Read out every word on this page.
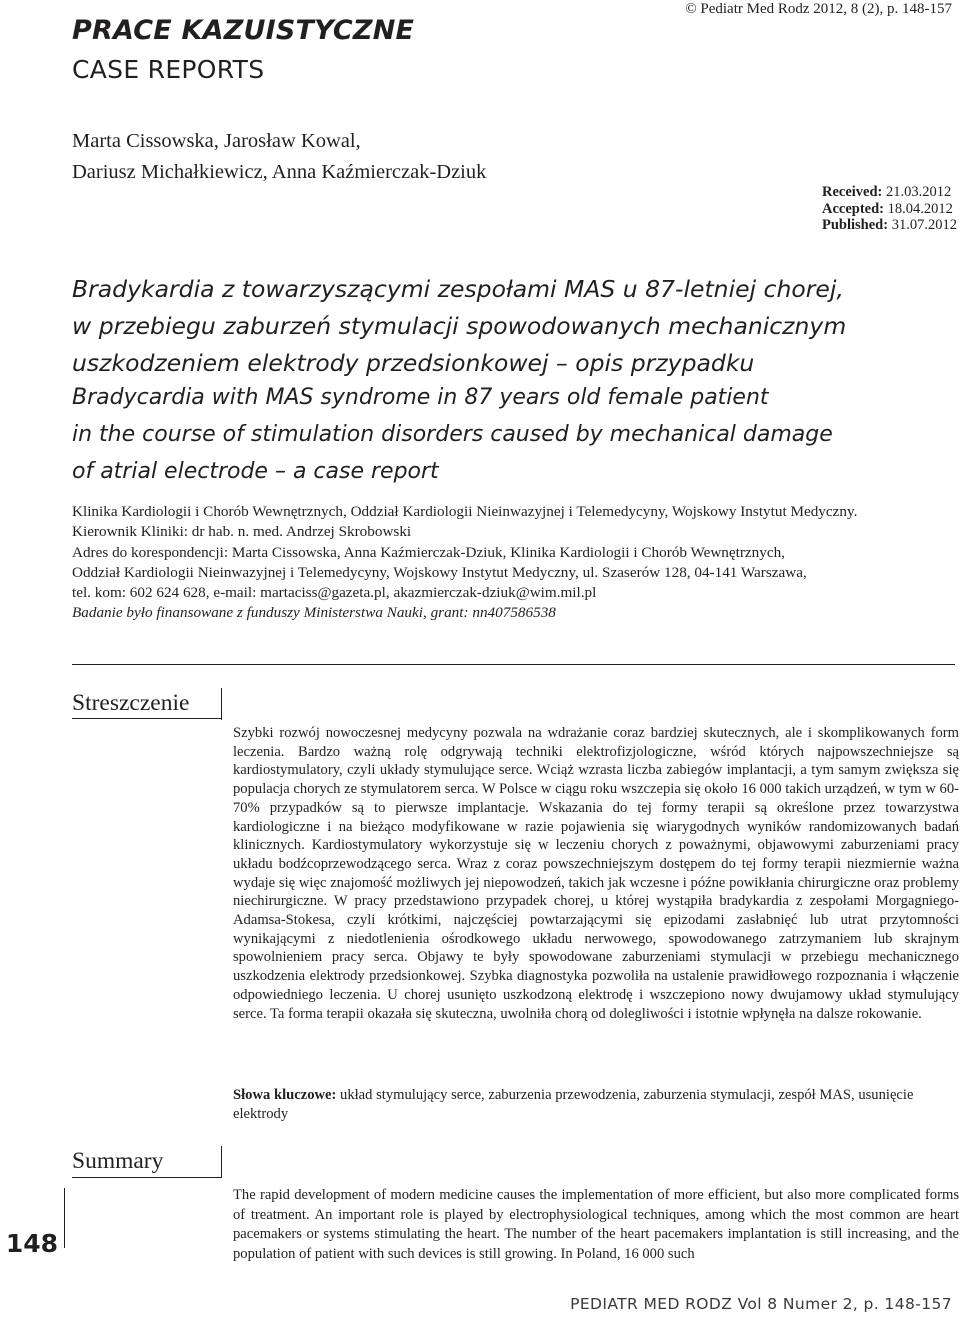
PRACE KAZUISTYCZNE
CASE REPORTS
© Pediatr Med Rodz 2012, 8 (2), p. 148-157
Marta Cissowska, Jarosław Kowal,
Dariusz Michałkiewicz, Anna Kaźmierczak-Dziuk
Received: 21.03.2012
Accepted: 18.04.2012
Published: 31.07.2012
Bradykardia z towarzyszącymi zespołami MAS u 87-letniej chorej,
w przebiegu zaburzeń stymulacji spowodowanych mechanicznym
uszkodzeniem elektrody przedsionkowej – opis przypadku
Bradycardia with MAS syndrome in 87 years old female patient
in the course of stimulation disorders caused by mechanical damage
of atrial electrode – a case report
Klinika Kardiologii i Chorób Wewnętrznych, Oddział Kardiologii Nieinwazyjnej i Telemedycyny, Wojskowy Instytut Medyczny.
Kierownik Kliniki: dr hab. n. med. Andrzej Skrobowski
Adres do korespondencji: Marta Cissowska, Anna Kaźmierczak-Dziuk, Klinika Kardiologii i Chorób Wewnętrznych,
Oddział Kardiologii Nieinwazyjnej i Telemedycyny, Wojskowy Instytut Medyczny, ul. Szaserów 128, 04-141 Warszawa,
tel. kom: 602 624 628, e-mail: martaciss@gazeta.pl, akazmierczak-dziuk@wim.mil.pl
Badanie było finansowane z funduszy Ministerstwa Nauki, grant: nn407586538
Streszczenie
Szybki rozwój nowoczesnej medycyny pozwala na wdrażanie coraz bardziej skutecznych, ale i skomplikowanych form leczenia. Bardzo ważną rolę odgrywają techniki elektrofizjologiczne, wśród których najpowszechniejsze są kardiostymulatory, czyli układy stymulujące serce. Wciąż wzrasta liczba zabiegów implantacji, a tym samym zwiększa się populacja chorych ze stymulatorem serca. W Polsce w ciągu roku wszczepia się około 16 000 takich urządzeń, w tym w 60-70% przypadków są to pierwsze implantacje. Wskazania do tej formy terapii są określone przez towarzystwa kardiologiczne i na bieżąco modyfikowane w razie pojawienia się wiarygodnych wyników randomizowanych badań klinicznych. Kardiostymulatory wykorzystuje się w leczeniu chorych z poważnymi, objawowymi zaburzeniami pracy układu bodźcoprzewodzącego serca. Wraz z coraz powszechniejszym dostępem do tej formy terapii niezmiernie ważna wydaje się więc znajomość możliwych jej niepowodzeń, takich jak wczesne i późne powikłania chirurgiczne oraz problemy niechirurgiczne. W pracy przedstawiono przypadek chorej, u której wystąpiła bradykardia z zespołami Morgagniego-Adamsa-Stokesa, czyli krótkimi, najczęściej powtarzającymi się epizodami zasłabnięć lub utrat przytomności wynikającymi z niedotlenienia ośrodkowego układu nerwowego, spowodowanego zatrzymaniem lub skrajnym spowolnieniem pracy serca. Objawy te były spowodowane zaburzeniami stymulacji w przebiegu mechanicznego uszkodzenia elektrody przedsionkowej. Szybka diagnostyka pozwoliła na ustalenie prawidłowego rozpoznania i włączenie odpowiedniego leczenia. U chorej usunięto uszkodzoną elektrodę i wszczepiono nowy dwujamowy układ stymulujący serce. Ta forma terapii okazała się skuteczna, uwolniła chorą od dolegliwości i istotnie wpłynęła na dalsze rokowanie.
Słowa kluczowe: układ stymulujący serce, zaburzenia przewodzenia, zaburzenia stymulacji, zespół MAS, usunięcie elektrody
Summary
The rapid development of modern medicine causes the implementation of more efficient, but also more complicated forms of treatment. An important role is played by electrophysiological techniques, among which the most common are heart pacemakers or systems stimulating the heart. The number of the heart pacemakers implantation is still increasing, and the population of patient with such devices is still growing. In Poland, 16 000 such
148
PEDIATR MED RODZ Vol 8 Numer 2, p. 148-157
